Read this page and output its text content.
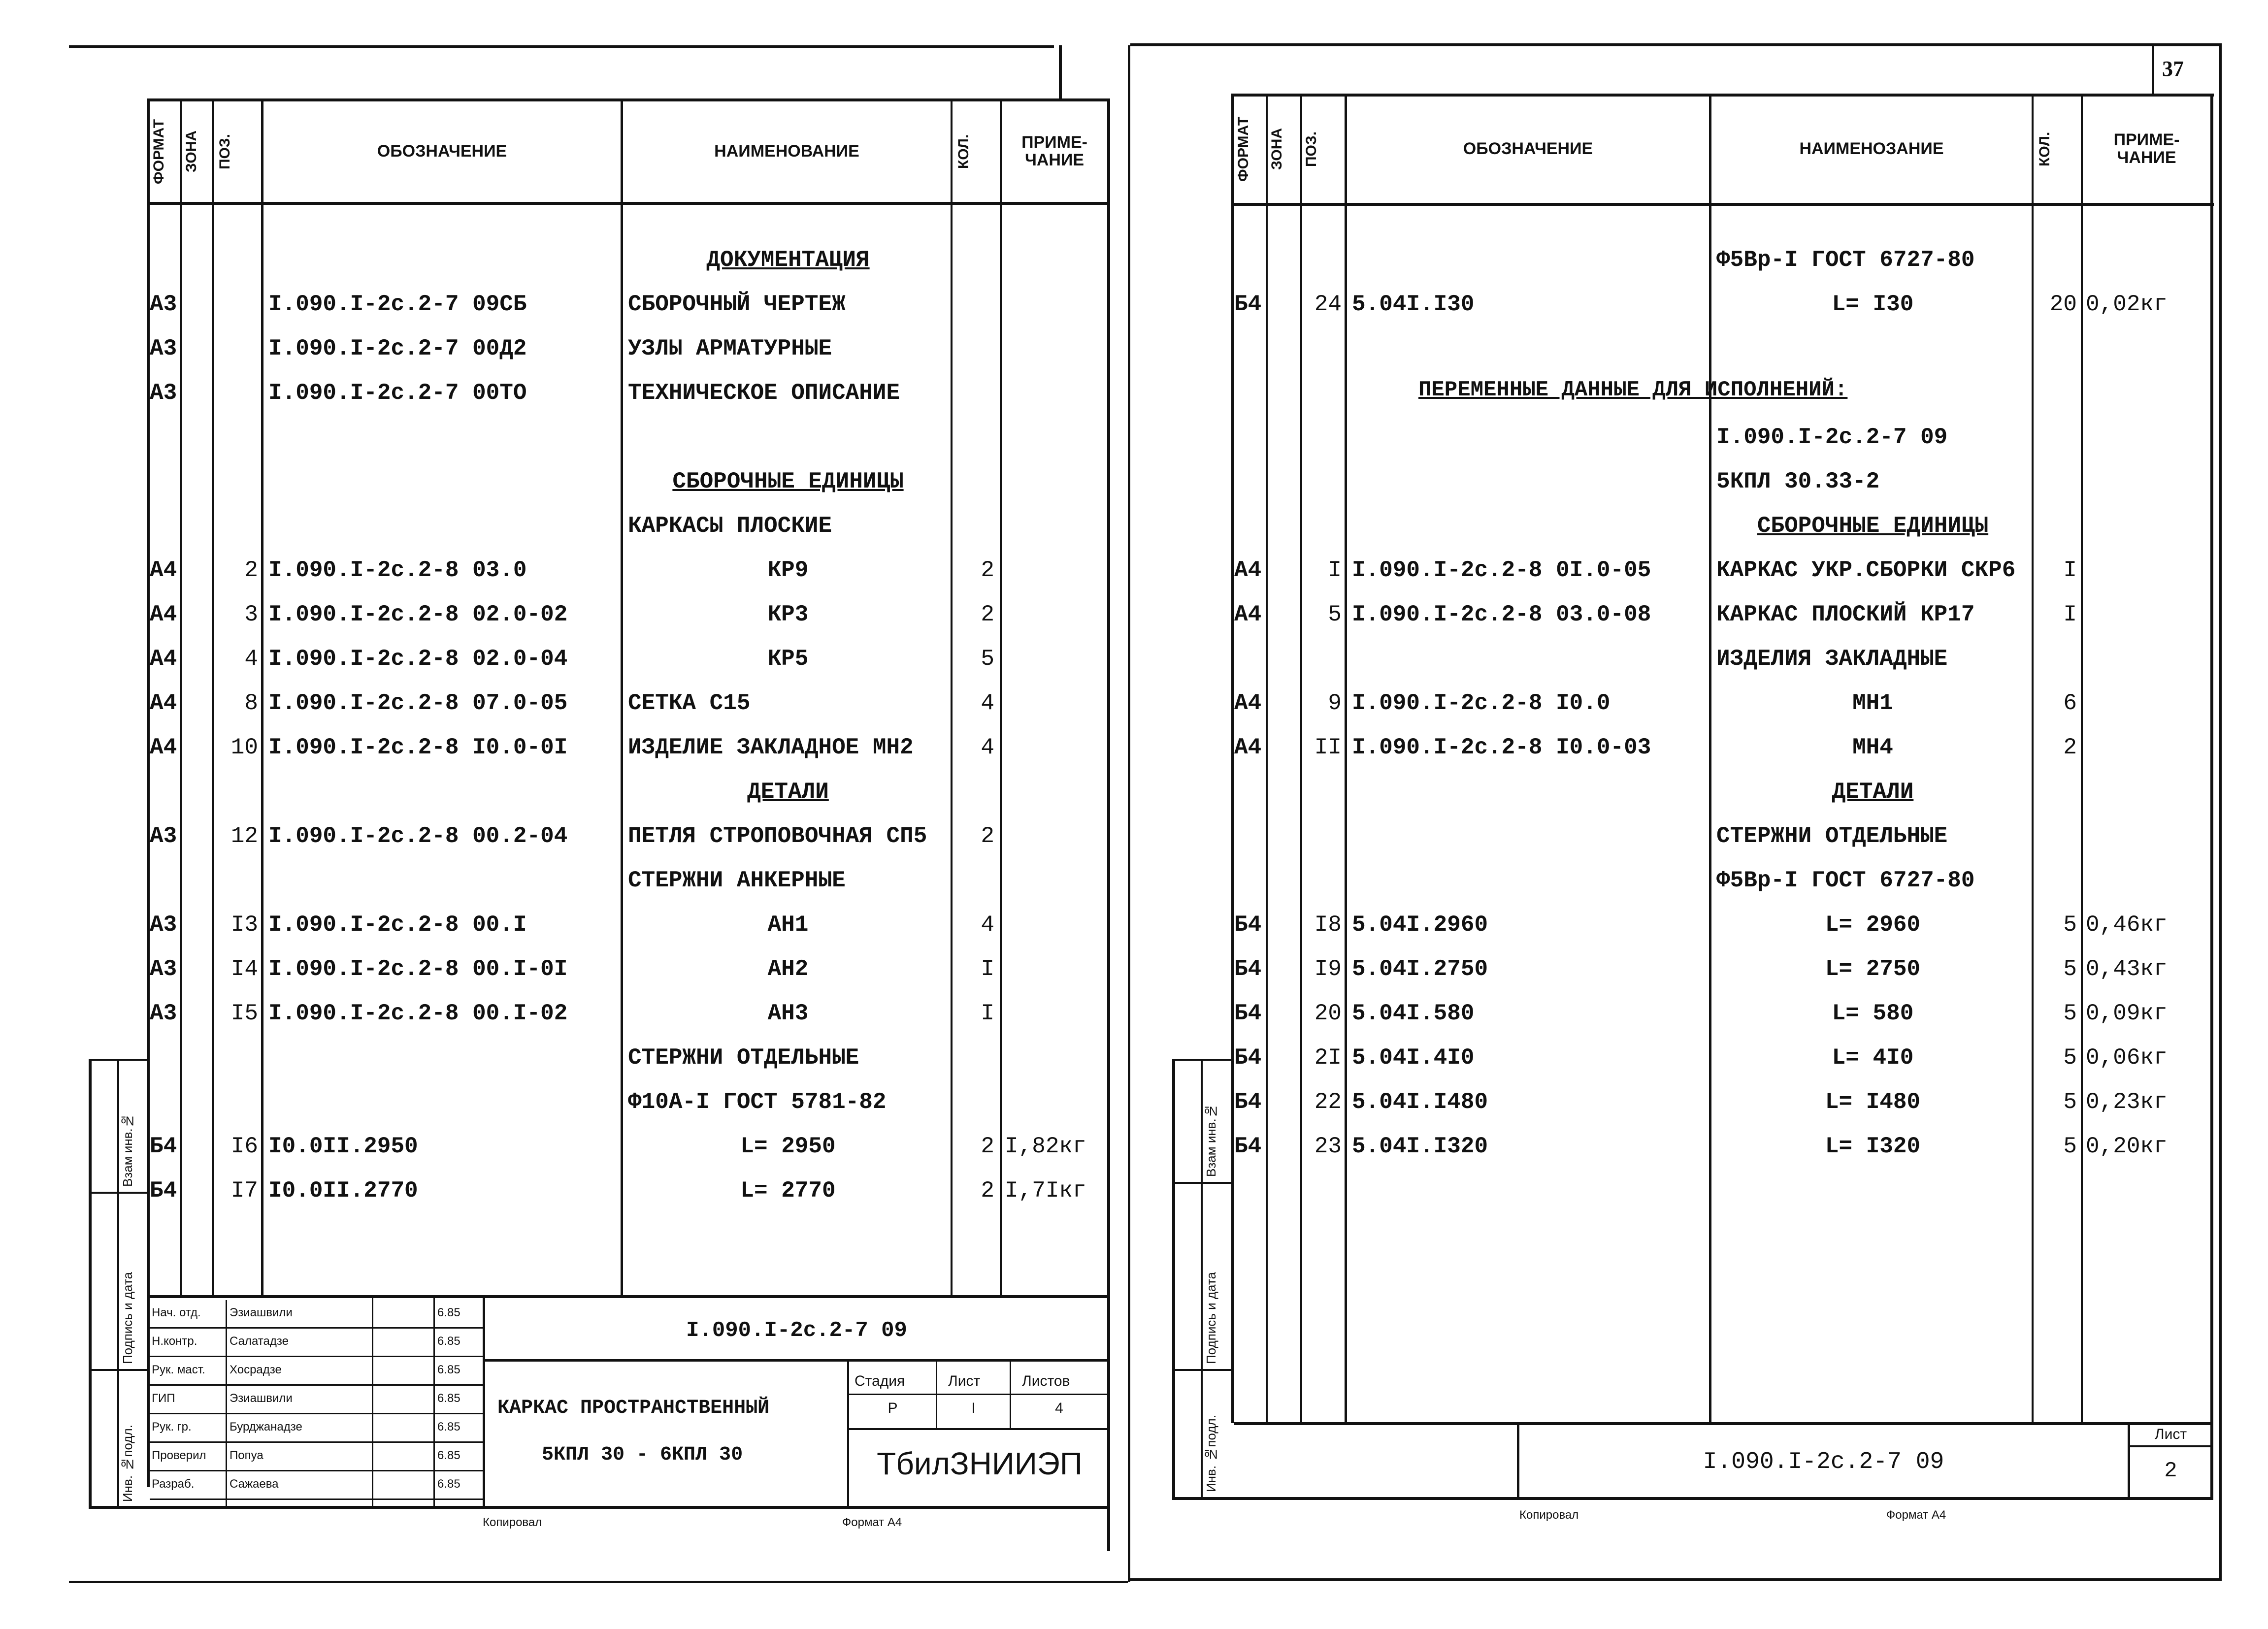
ФОРМАТ	ЗОНА	ПОЗ.	ОБОЗНАЧЕНИЕ	НАИМЕНОВАНИЕ	КОЛ.	ПРИМЕ-
ЧАНИЕ
ДОКУМЕНТАЦИЯ
А3	I.090.I-2с.2-7 09СБ	СБОРОЧНЫЙ ЧЕРТЕЖ
А3	I.090.I-2с.2-7 00Д2	УЗЛЫ АРМАТУРНЫЕ
А3	I.090.I-2с.2-7 00ТО	ТЕХНИЧЕСКОЕ ОПИСАНИЕ
СБОРОЧНЫЕ ЕДИНИЦЫ
КАРКАСЫ ПЛОСКИЕ
А4	2 I.090.I-2с.2-8 03.0	КР9	2
А4	3 I.090.I-2с.2-8 02.0-02	КР3	2
А4	4 I.090.I-2с.2-8 02.0-04	КР5	5
А4	8 I.090.I-2с.2-8 07.0-05	СЕТКА С15	4
А4	10 I.090.I-2с.2-8 I0.0-0I	ИЗДЕЛИЕ ЗАКЛАДНОЕ МН2	4
ДЕТАЛИ
А3	12 I.090.I-2с.2-8 00.2-04	ПЕТЛЯ СТРОПОВОЧНАЯ СП5	2
СТЕРЖНИ АНКЕРНЫЕ
А3	I3 I.090.I-2с.2-8 00.I	АН1	4
А3	I4 I.090.I-2с.2-8 00.I-0I	АН2	I
А3	I5 I.090.I-2с.2-8 00.I-02	АН3	I
СТЕРЖНИ ОТДЕЛЬНЫЕ
Ф10А-I ГОСТ 5781-82
Б4	I6 I0.0II.2950	L= 2950	2 I,82кг
Б4	I7 I0.0II.2770	L= 2770	2 I,7Iкг
Взам инв.№
Подпись и дата
Инв. №подл.
Нач. отд. Эзиашвили	6.85
Н.контр.	Салатадзе	6.85
Рук. маст. Хосрадзе	6.85
ГИП	Эзиашвили	6.85
Рук. гр.	Бурджанадзе	6.85
Проверил Попуа	6.85
Разраб.	Сажаева	6.85
I.090.I-2с.2-7 09
КАРКАС ПРОСТРАНСТВЕННЫЙ
5КПЛ 30 - 6КПЛ 30
Стадия	Лист	Листов
Р	I	4
ТбилЗНИИЭП
Копировал	Формат А4
37
ФОРМАТ	ЗОНА	ПОЗ.	ОБОЗНАЧЕНИЕ	НАИМЕНОЗАНИЕ	КОЛ.	ПРИМЕ-
ЧАНИЕ
Ф5Вр-I ГОСТ 6727-80
Б4	24 5.04I.I30	L= I30	20 0,02кг
I.090.I-2с.2-7 09
5КПЛ 30.33-2
СБОРОЧНЫЕ ЕДИНИЦЫ
А4	I I.090.I-2с.2-8 0I.0-05	КАРКАС УКР.СБОРКИ СКР6	I
А4	5 I.090.I-2с.2-8 03.0-08	КАРКАС ПЛОСКИЙ КР17	I
ИЗДЕЛИЯ ЗАКЛАДНЫЕ
А4	9 I.090.I-2с.2-8 I0.0	МН1	6
А4	II I.090.I-2с.2-8 I0.0-03	МН4	2
ДЕТАЛИ
СТЕРЖНИ ОТДЕЛЬНЫЕ
Ф5Вр-I ГОСТ 6727-80
Б4	I8 5.04I.2960	L= 2960	5 0,46кг
Б4	I9 5.04I.2750	L= 2750	5 0,43кг
Б4	20 5.04I.580	L= 580	5 0,09кг
Б4	2I 5.04I.4I0	L= 4I0	5 0,06кг
Б4	22 5.04I.I480	L= I480	5 0,23кг
Б4	23 5.04I.I320	L= I320	5 0,20кг
ПЕРЕМЕННЫЕ ДАННЫЕ ДЛЯ ИСПОЛНЕНИЙ:
Взам инв.№
Подпись и дата
Инв. №подл.	I.090.I-2с.2-7 09
Лист
2
Копировал	Формат А4
